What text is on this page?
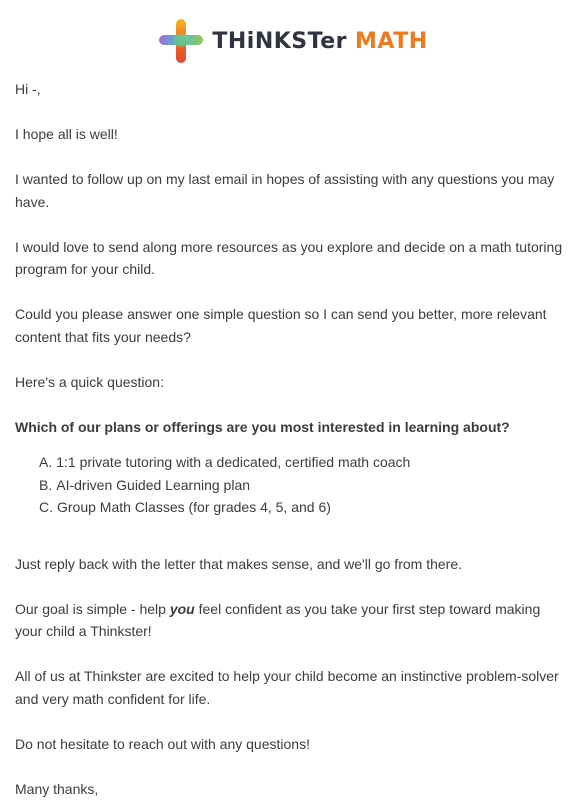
THiNKSTer MATH

Hi -,

I hope all is well!

I wanted to follow up on my last email in hopes of assisting with any questions you may have.

I would love to send along more resources as you explore and decide on a math tutoring program for your child.

Could you please answer one simple question so I can send you better, more relevant content that fits your needs?

Here's a quick question:

Which of our plans or offerings are you most interested in learning about?

A. 1:1 private tutoring with a dedicated, certified math coach
B. AI-driven Guided Learning plan
C. Group Math Classes (for grades 4, 5, and 6)

Just reply back with the letter that makes sense, and we'll go from there.

Our goal is simple - help you feel confident as you take your first step toward making your child a Thinkster!

All of us at Thinkster are excited to help your child become an instinctive problem-solver and very math confident for life.

Do not hesitate to reach out with any questions!

Many thanks,
